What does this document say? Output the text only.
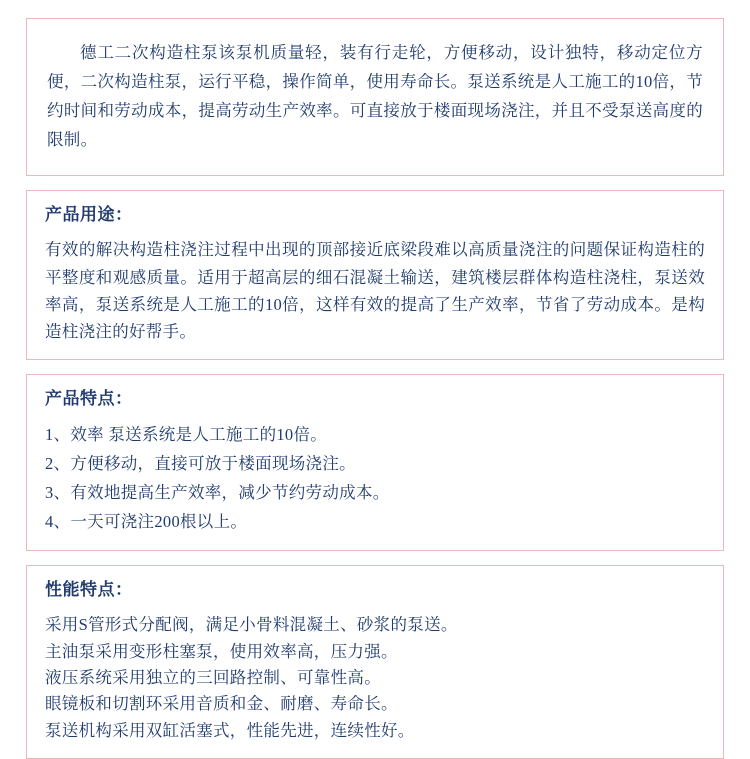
德工二次构造柱泵该泵机质量轻，装有行走轮，方便移动，设计独特，移动定位方便，二次构造柱泵，运行平稳，操作简单，使用寿命长。泵送系统是人工施工的10倍，节约时间和劳动成本，提高劳动生产效率。可直接放于楼面现场浇注，并且不受泵送高度的限制。

产品用途：

有效的解决构造柱浇注过程中出现的顶部接近底梁段难以高质量浇注的问题保证构造柱的平整度和观感质量。适用于超高层的细石混凝土输送，建筑楼层群体构造柱浇柱，泵送效率高，泵送系统是人工施工的10倍，这样有效的提高了生产效率，节省了劳动成本。是构造柱浇注的好帮手。

产品特点：

1、效率 泵送系统是人工施工的10倍。

2、方便移动，直接可放于楼面现场浇注。

3、有效地提高生产效率，减少节约劳动成本。

4、一天可浇注200根以上。

性能特点：

采用S管形式分配阀，满足小骨料混凝土、砂浆的泵送。

主油泵采用变形柱塞泵，使用效率高，压力强。

液压系统采用独立的三回路控制、可靠性高。

眼镜板和切割环采用音质和金、耐磨、寿命长。

泵送机构采用双缸活塞式，性能先进，连续性好。
